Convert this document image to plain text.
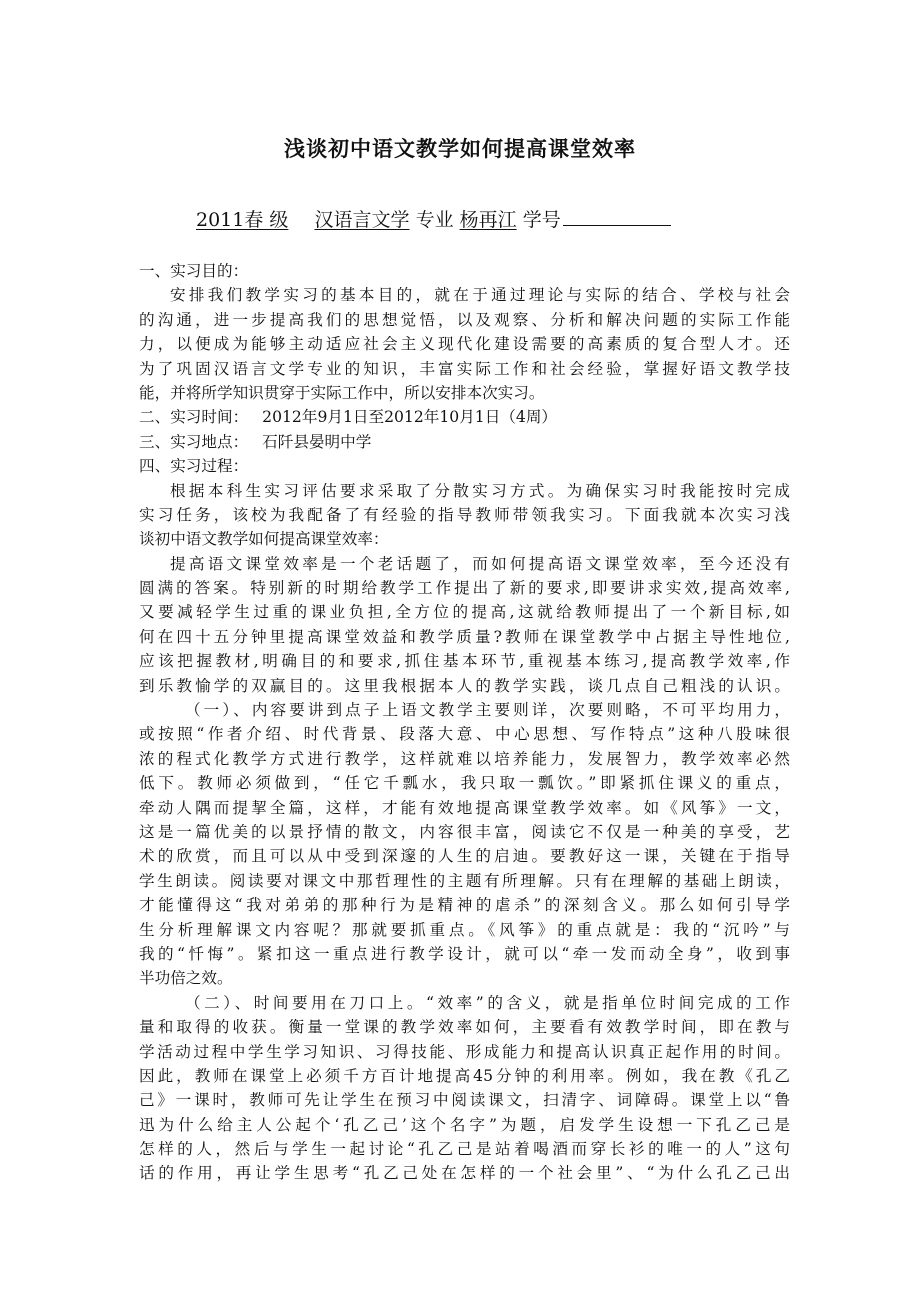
浅谈初中语文教学如何提高课堂效率
2011春 级 汉语言文学 专业 杨再江 学号
一、实习目的：
安排我们教学实习的基本目的，就在于通过理论与实际的结合、学校与社会
的沟通，进一步提高我们的思想觉悟，以及观察、分析和解决问题的实际工作能
力，以便成为能够主动适应社会主义现代化建设需要的高素质的复合型人才。还
为了巩固汉语言文学专业的知识，丰富实际工作和社会经验，掌握好语文教学技
能，并将所学知识贯穿于实际工作中，所以安排本次实习。
二、实习时间： 2012年9月1日至2012年10月1日（4周）
三、实习地点： 石阡县晏明中学
四、实习过程：
根据本科生实习评估要求采取了分散实习方式。为确保实习时我能按时完成
实习任务，该校为我配备了有经验的指导教师带领我实习。下面我就本次实习浅
谈初中语文教学如何提高课堂效率：
提高语文课堂效率是一个老话题了，而如何提高语文课堂效率，至今还没有
圆满的答案。特别新的时期给教学工作提出了新的要求,即要讲求实效,提高效率,
又要减轻学生过重的课业负担,全方位的提高,这就给教师提出了一个新目标,如
何在四十五分钟里提高课堂效益和教学质量?教师在课堂教学中占据主导性地位,
应该把握教材,明确目的和要求,抓住基本环节,重视基本练习,提高教学效率,作
到乐教愉学的双赢目的。这里我根据本人的教学实践，谈几点自己粗浅的认识。
（一）、内容要讲到点子上语文教学主要则详，次要则略，不可平均用力，
或按照“作者介绍、时代背景、段落大意、中心思想、写作特点”这种八股味很
浓的程式化教学方式进行教学，这样就难以培养能力，发展智力，教学效率必然
低下。教师必须做到，“任它千瓢水，我只取一瓢饮。”即紧抓住课义的重点，
牵动人隅而提挈全篇，这样，才能有效地提高课堂教学效率。如《风筝》一文，
这是一篇优美的以景抒情的散文，内容很丰富，阅读它不仅是一种美的享受，艺
术的欣赏，而且可以从中受到深邃的人生的启迪。要教好这一课，关键在于指导
学生朗读。阅读要对课文中那哲理性的主题有所理解。只有在理解的基础上朗读，
才能懂得这“我对弟弟的那种行为是精神的虐杀”的深刻含义。那么如何引导学
生分析理解课文内容呢？那就要抓重点。《风筝》的重点就是：我的“沉吟”与
我的“忏悔”。紧扣这一重点进行教学设计，就可以“牵一发而动全身”，收到事
半功倍之效。
（二）、时间要用在刀口上。“效率”的含义，就是指单位时间完成的工作
量和取得的收获。衡量一堂课的教学效率如何，主要看有效教学时间，即在教与
学活动过程中学生学习知识、习得技能、形成能力和提高认识真正起作用的时间。
因此，教师在课堂上必须千方百计地提高45分钟的利用率。例如，我在教《孔乙
己》一课时，教师可先让学生在预习中阅读课文，扫清字、词障碍。课堂上以“鲁
迅为什么给主人公起个‘孔乙己’这个名字”为题，启发学生设想一下孔乙己是
怎样的人，然后与学生一起讨论“孔乙己是站着喝酒而穿长衫的唯一的人”这句
话的作用，再让学生思考“孔乙己处在怎样的一个社会里”、“为什么孔乙己出
